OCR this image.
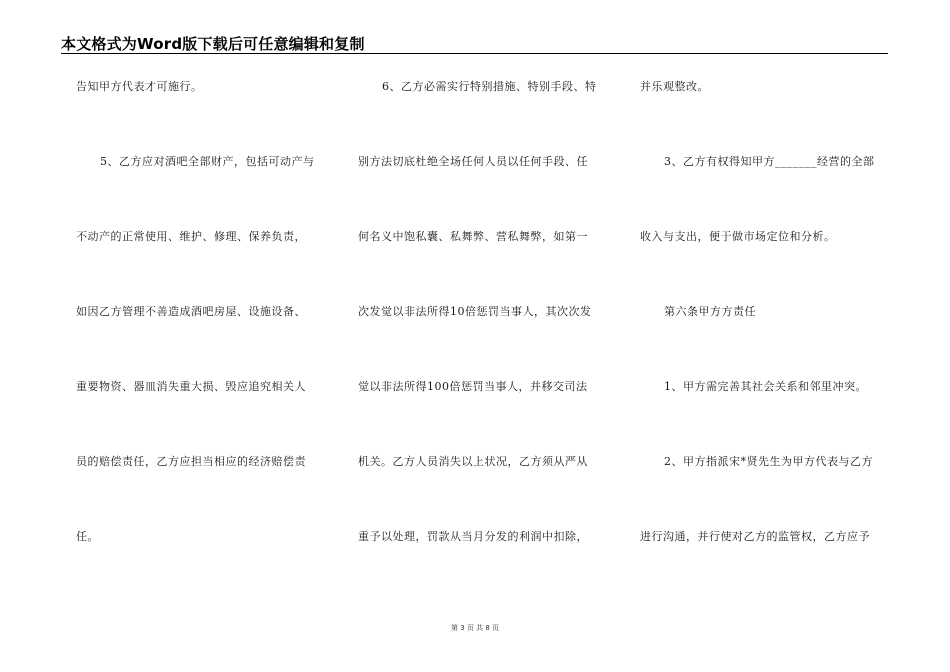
本文格式为Word版下载后可任意编辑和复制
告知甲方代表才可施行。
5、乙方应对酒吧全部财产，包括可动产与
不动产的正常使用、维护、修理、保养负责，
如因乙方管理不善造成酒吧房屋、设施设备、
重要物资、器皿消失重大损、毁应追究相关人
员的赔偿责任，乙方应担当相应的经济赔偿责
任。
6、乙方必需实行特别措施、特别手段、特
别方法切底杜绝全场任何人员以任何手段、任
何名义中饱私囊、私舞弊、营私舞弊，如第一
次发觉以非法所得10倍惩罚当事人，其次次发
觉以非法所得100倍惩罚当事人，并移交司法
机关。乙方人员消失以上状况，乙方须从严从
重予以处理，罚款从当月分发的利润中扣除，
并乐观整改。
3、乙方有权得知甲方_______经营的全部
收入与支出，便于做市场定位和分析。
第六条甲方方责任
1、甲方需完善其社会关系和邻里冲突。
2、甲方指派宋*贤先生为甲方代表与乙方
进行沟通，并行使对乙方的监管权，乙方应予
第 3 页 共 8 页
